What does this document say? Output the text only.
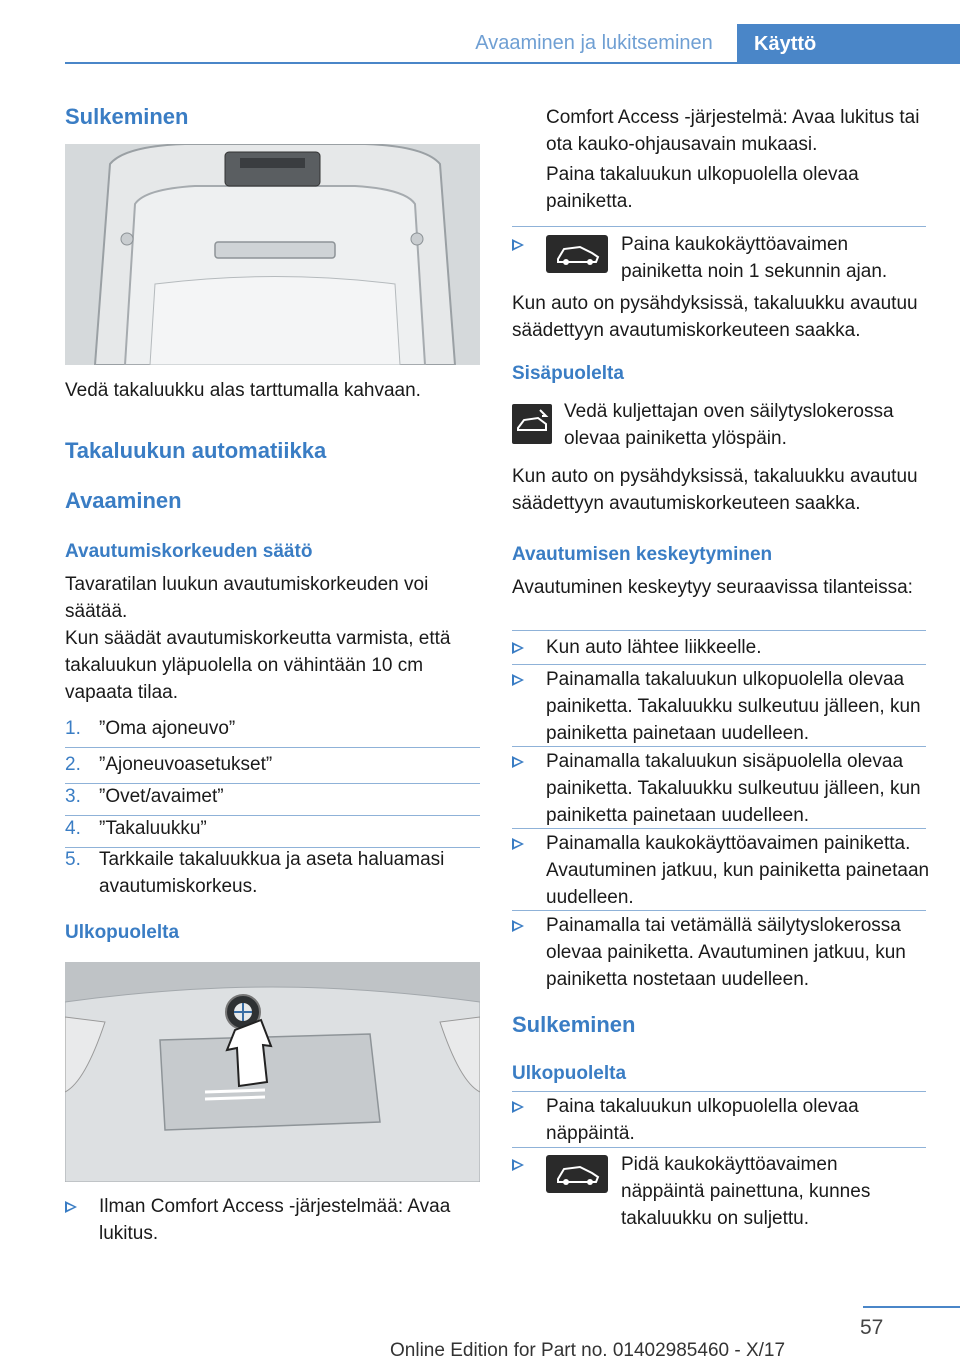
Avaaminen ja lukitseminen	Käyttö
Sulkeminen
Vedä takaluukku alas tarttumalla kahvaan.
Takaluukun automatiikka
Avaaminen
Avautumiskorkeuden säätö
Tavaratilan luukun avautumiskorkeuden voi säätää.
Kun säädät avautumiskorkeutta varmista, että takaluukun yläpuolella on vähintään 10 cm vapaata tilaa.
1. ”Oma ajoneuvo”
2. ”Ajoneuvoasetukset”
3. ”Ovet/avaimet”
4. ”Takaluukku”
5. Tarkkaile takaluukkua ja aseta haluamasi avautumiskorkeus.
Ulkopuolelta
Ilman Comfort Access -järjestelmää: Avaa lukitus.
Comfort Access -järjestelmä: Avaa lukitus tai ota kauko-ohjausavain mukaasi.
Paina takaluukun ulkopuolella olevaa painiketta.
Paina kaukokäyttöavaimen painiketta noin 1 sekunnin ajan.
Kun auto on pysähdyksissä, takaluukku avautuu säädettyyn avautumiskorkeuteen saakka.
Sisäpuolelta
Vedä kuljettajan oven säilytyslokerossa olevaa painiketta ylöspäin.
Kun auto on pysähdyksissä, takaluukku avautuu säädettyyn avautumiskorkeuteen saakka.
Avautumisen keskeytyminen
Avautuminen keskeytyy seuraavissa tilanteissa:
Kun auto lähtee liikkeelle.
Painamalla takaluukun ulkopuolella olevaa painiketta. Takaluukku sulkeutuu jälleen, kun painiketta painetaan uudelleen.
Painamalla takaluukun sisäpuolella olevaa painiketta. Takaluukku sulkeutuu jälleen, kun painiketta painetaan uudelleen.
Painamalla kaukokäyttöavaimen painiketta. Avautuminen jatkuu, kun painiketta painetaan uudelleen.
Painamalla tai vetämällä säilytyslokerossa olevaa painiketta. Avautuminen jatkuu, kun painiketta nostetaan uudelleen.
Sulkeminen
Ulkopuolelta
Paina takaluukun ulkopuolella olevaa näppäintä.
Pidä kaukokäyttöavaimen näppäintä painettuna, kunnes takaluukku on suljettu.
57
Online Edition for Part no. 01402985460 - X/17
